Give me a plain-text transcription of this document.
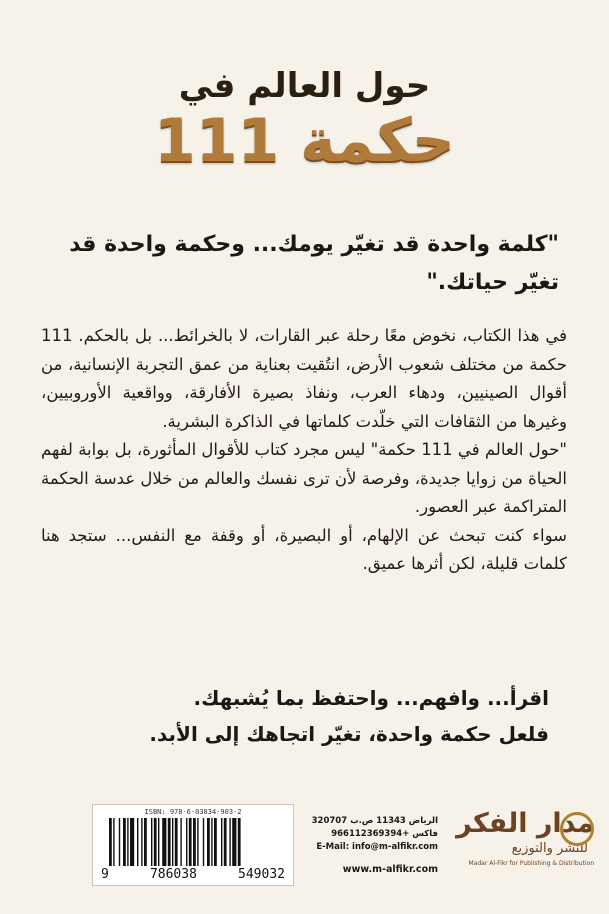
حول العالم في
111 حكمة
"كلمة واحدة قد تغيّر يومك... وحكمة واحدة قد تغيّر حياتك."

في هذا الكتاب، نخوض معًا رحلة عبر القارات، لا بالخرائط... بل بالحكم. 111 حكمة من مختلف شعوب الأرض، انتُقيت بعناية من عمق التجربة الإنسانية، من أقوال الصينيين، ودهاء العرب، ونفاذ بصيرة الأفارقة، وواقعية الأوروبيين، وغيرها من الثقافات التي خلّدت كلماتها في الذاكرة البشرية.

"حول العالم في 111 حكمة" ليس مجرد كتاب للأقوال المأثورة، بل بوابة لفهم الحياة من زوايا جديدة، وفرصة لأن ترى نفسك والعالم من خلال عدسة الحكمة المتراكمة عبر العصور.

سواء كنت تبحث عن الإلهام، أو البصيرة، أو وقفة مع النفس... ستجد هنا كلمات قليلة، لكن أثرها عميق.

اقرأ... وافهم... واحتفظ بما يُشبهك.
فلعل حكمة واحدة، تغيّر اتجاهك إلى الأبد.
ISBN: 978-6-03834-903-2
9	786038	549032
الرياض 11343 ص.ب 320707
فاكس +966112369394
E-Mail: info@m-alfikr.com
www.m-alfikr.com
مدار الفكر
للنشر والتوزيع
Madar Al-Fikr for Publishing & Distribution
